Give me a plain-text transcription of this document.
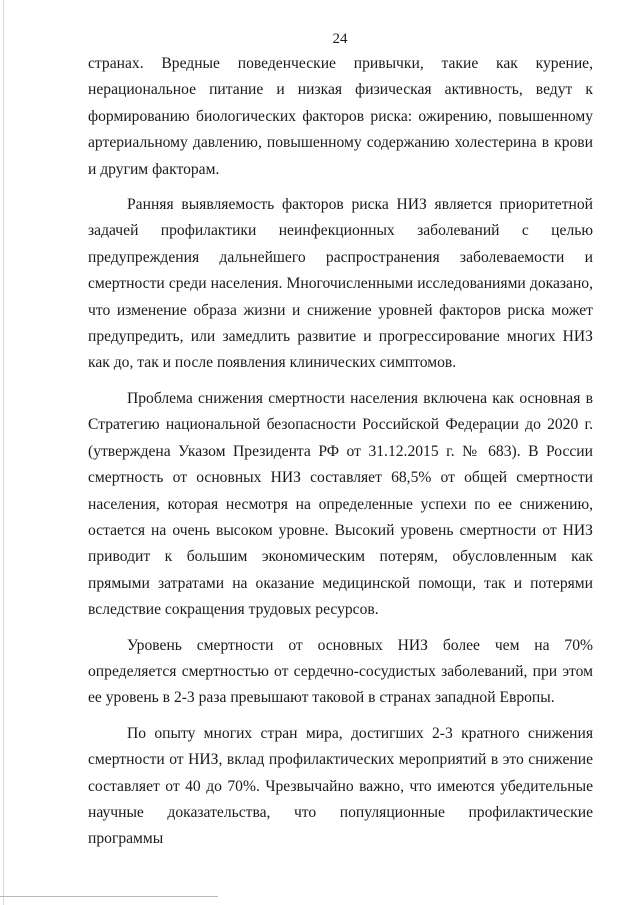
24

странах. Вредные поведенческие привычки, такие как курение, нерациональное питание и низкая физическая активность, ведут к формированию биологических факторов риска: ожирению, повышенному артериальному давлению, повышенному содержанию холестерина в крови и другим факторам.

Ранняя выявляемость факторов риска НИЗ является приоритетной задачей профилактики неинфекционных заболеваний с целью предупреждения дальнейшего распространения заболеваемости и смертности среди населения. Многочисленными исследованиями доказано, что изменение образа жизни и снижение уровней факторов риска может предупредить, или замедлить развитие и прогрессирование многих НИЗ как до, так и после появления клинических симптомов.

Проблема снижения смертности населения включена как основная в Стратегию национальной безопасности Российской Федерации до 2020 г. (утверждена Указом Президента РФ от 31.12.2015 г. № 683). В России смертность от основных НИЗ составляет 68,5% от общей смертности населения, которая несмотря на определенные успехи по ее снижению, остается на очень высоком уровне. Высокий уровень смертности от НИЗ приводит к большим экономическим потерям, обусловленным как прямыми затратами на оказание медицинской помощи, так и потерями вследствие сокращения трудовых ресурсов.

Уровень смертности от основных НИЗ более чем на 70% определяется смертностью от сердечно-сосудистых заболеваний, при этом ее уровень в 2-3 раза превышают таковой в странах западной Европы.

По опыту многих стран мира, достигших 2-3 кратного снижения смертности от НИЗ, вклад профилактических мероприятий в это снижение составляет от 40 до 70%. Чрезвычайно важно, что имеются убедительные научные доказательства, что популяционные профилактические программы
